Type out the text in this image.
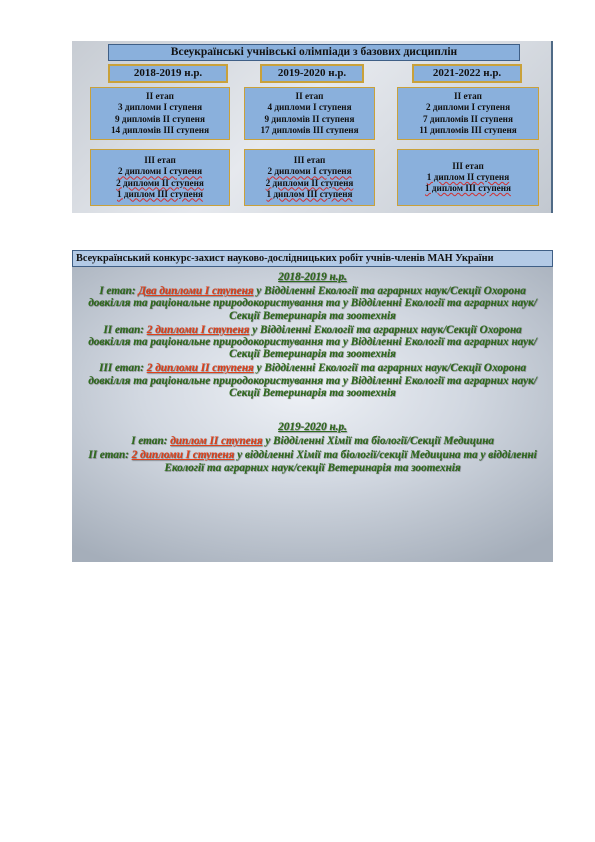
Всеукраїнські учнівські олімпіади з базових дисциплін
2018-2019 н.р.	2019-2020 н.р.	2021-2022 н.р.
ІІ етап
3 дипломи І ступеня
9 дипломів ІІ ступеня
14 дипломів ІІІ ступеня
ІІ етап
4 дипломи І ступеня
9 дипломів ІІ ступеня
17 дипломів ІІІ ступеня
ІІ етап
2 дипломи І ступеня
7 дипломів ІІ ступеня
11 дипломів ІІІ ступеня
ІІІ етап
2 дипломи І ступеня
2 дипломи ІІ ступеня
1 диплом ІІІ ступеня
ІІІ етап
2 дипломи І ступеня
2 дипломи ІІ ступеня
1 диплом ІІІ ступеня
ІІІ етап
1 диплом ІІ ступеня
1 диплом ІІІ ступеня
Всеукраїнський конкурс-захист науково-дослідницьких робіт учнів-членів МАН України
2018-2019 н.р.
І етап: Два дипломи І ступеня у Відділенні Екології та аграрних наук/Секції Охорона довкілля та раціональне природокористування та у Відділенні Екології та аграрних наук/Секції Ветеринарія та зоотехнія
ІІ етап: 2 дипломи І ступеня у Відділенні Екології та аграрних наук/Секції Охорона довкілля та раціональне природокористування та у Відділенні Екології та аграрних наук/Секції Ветеринарія та зоотехнія
ІІІ етап: 2 дипломи ІІ ступеня у Відділенні Екології та аграрних наук/Секції Охорона довкілля та раціональне природокористування та у Відділенні Екології та аграрних наук/Секції Ветеринарія та зоотехнія
2019-2020 н.р.
І етап: диплом ІІ ступеня у Відділенні Хімії та біології/Секції Медицина
ІІ етап: 2 дипломи І ступеня у відділенні Хімії та біології/секції Медицина та у відділенні Екології та аграрних наук/секції Ветеринарія та зоотехнія
